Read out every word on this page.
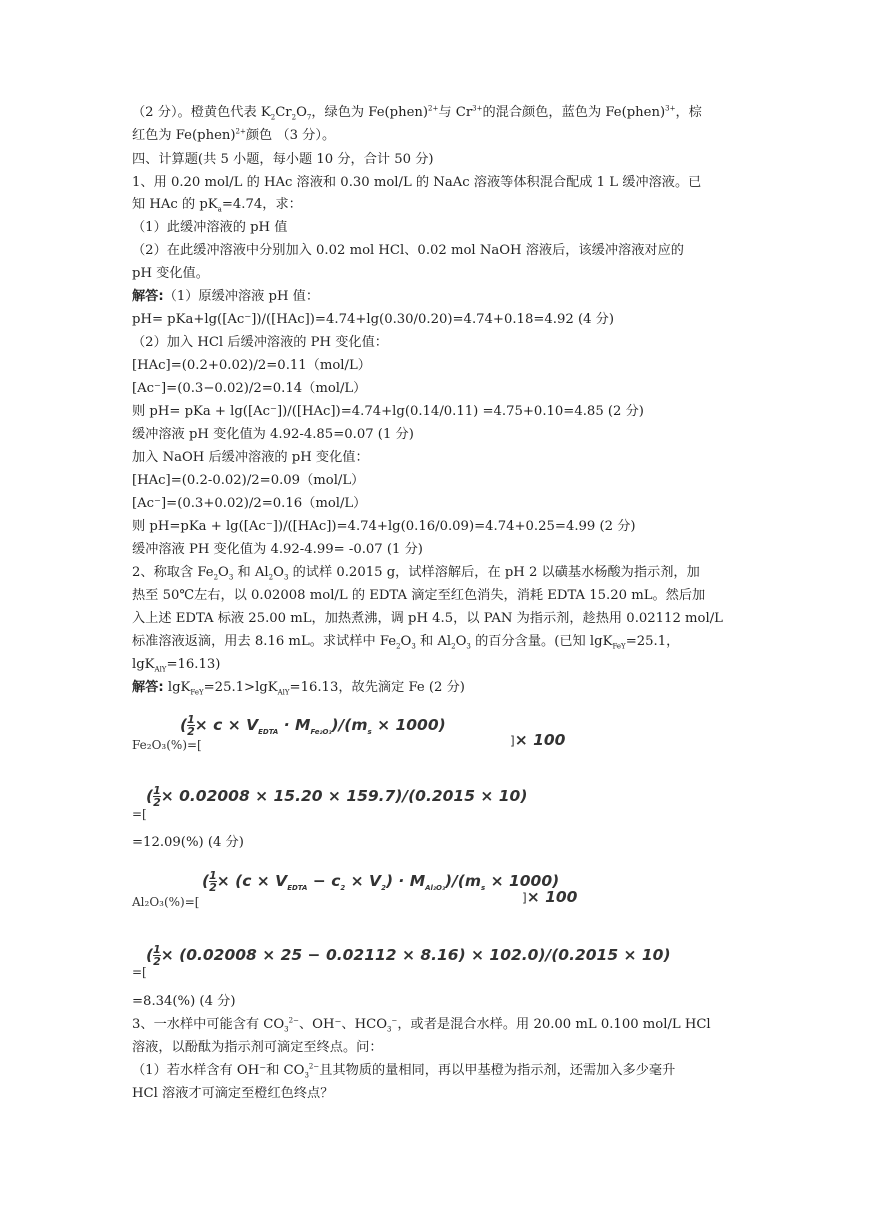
（2 分）。橙黄色代表 $K_2Cr_2O_7$，绿色为 Fe(phen)$^{2+}$与 $Cr^{3+}$的混合颜色，蓝色为 Fe(phen)$^{3+}$，棕
红色为 Fe(phen)$^{2+}$颜色 （3 分）。
四、计算题(共 5 小题，每小题 10 分，合计 50 分)
1、用 0.20 mol/L 的 HAc 溶液和 0.30 mol/L 的 NaAc 溶液等体积混合配成 1 L 缓冲溶液。已
知 HAc 的 $pK_a=4.74$，求：
（1）此缓冲溶液的 pH 值
（2）在此缓冲溶液中分别加入 0.02 mol HCl、0.02 mol NaOH 溶液后，该缓冲溶液对应的
pH 变化值。
解答:（1）原缓冲溶液 pH 值：
pH= pKa+lg([Ac⁻])/([HAc])=4.74+lg(0.30/0.20)=4.74+0.18=4.92 (4 分)
（2）加入 HCl 后缓冲溶液的 PH 变化值：
[HAc]=(0.2+0.02)/2=0.11（mol/L）
[Ac⁻]=(0.3−0.02)/2=0.14（mol/L）
则 pH= pKa + lg([Ac⁻])/([HAc])=4.74+lg(0.14/0.11) =4.75+0.10=4.85 (2 分)
缓冲溶液 pH 变化值为 4.92-4.85=0.07 (1 分)
加入 NaOH 后缓冲溶液的 pH 变化值：
[HAc]=(0.2-0.02)/2=0.09（mol/L）
[Ac⁻]=(0.3+0.02)/2=0.16（mol/L）
则 pH=pKa + lg([Ac⁻])/([HAc])=4.74+lg(0.16/0.09)=4.74+0.25=4.99 (2 分)
缓冲溶液 PH 变化值为 4.92-4.99= -0.07 (1 分)
2、称取含 $Fe_2O_3$ 和 $Al_2O_3$ 的试样 0.2015 g，试样溶解后，在 pH 2 以磺基水杨酸为指示剂，加
热至 50℃左右，以 0.02008 mol/L 的 EDTA 滴定至红色消失，消耗 EDTA 15.20 mL。然后加
入上述 EDTA 标液 25.00 mL，加热煮沸，调 pH 4.5，以 PAN 为指示剂，趁热用 0.02112 mol/L
标准溶液返滴，用去 8.16 mL。求试样中 $Fe_2O_3$ 和 $Al_2O_3$ 的百分含量。(已知 lgK$_{FeY}$=25.1，
lgK$_{AlY}$=16.13)
解答: lgK$_{FeY}$=25.1>lgK$_{AlY}$=16.13，故先滴定 Fe (2 分)
( $\frac{1}{2} \times c \times V_{EDTA} \cdot M_{Fe_2O_3})/(m_s \times 1000)$
Fe₂O₃(%)=[	]× 100
( $\frac{1}{2} \times 0.02008 \times 15.20 \times 159.7)/(0.2015 \times 10)$
=[
=12.09(%) (4 分)
( $\frac{1}{2} \times (c \times V_{EDTA} - c_2 \times V_2) \cdot M_{Al_2O_3})/(m_s \times 1000)$
Al₂O₃(%)=[	]× 100
( $\frac{1}{2} \times (0.02008 \times 25 - 0.02112 \times 8.16) \times 102.0)/(0.2015 \times 10)$
=[
=8.34(%) (4 分)
3、一水样中可能含有 $CO_3^{2-}$、OH⁻、$HCO_3^-$，或者是混合水样。用 20.00 mL 0.100 mol/L HCl
溶液，以酚酞为指示剂可滴定至终点。问：
（1）若水样含有 OH⁻和 $CO_3^{2-}$且其物质的量相同，再以甲基橙为指示剂，还需加入多少毫升
HCl 溶液才可滴定至橙红色终点？
